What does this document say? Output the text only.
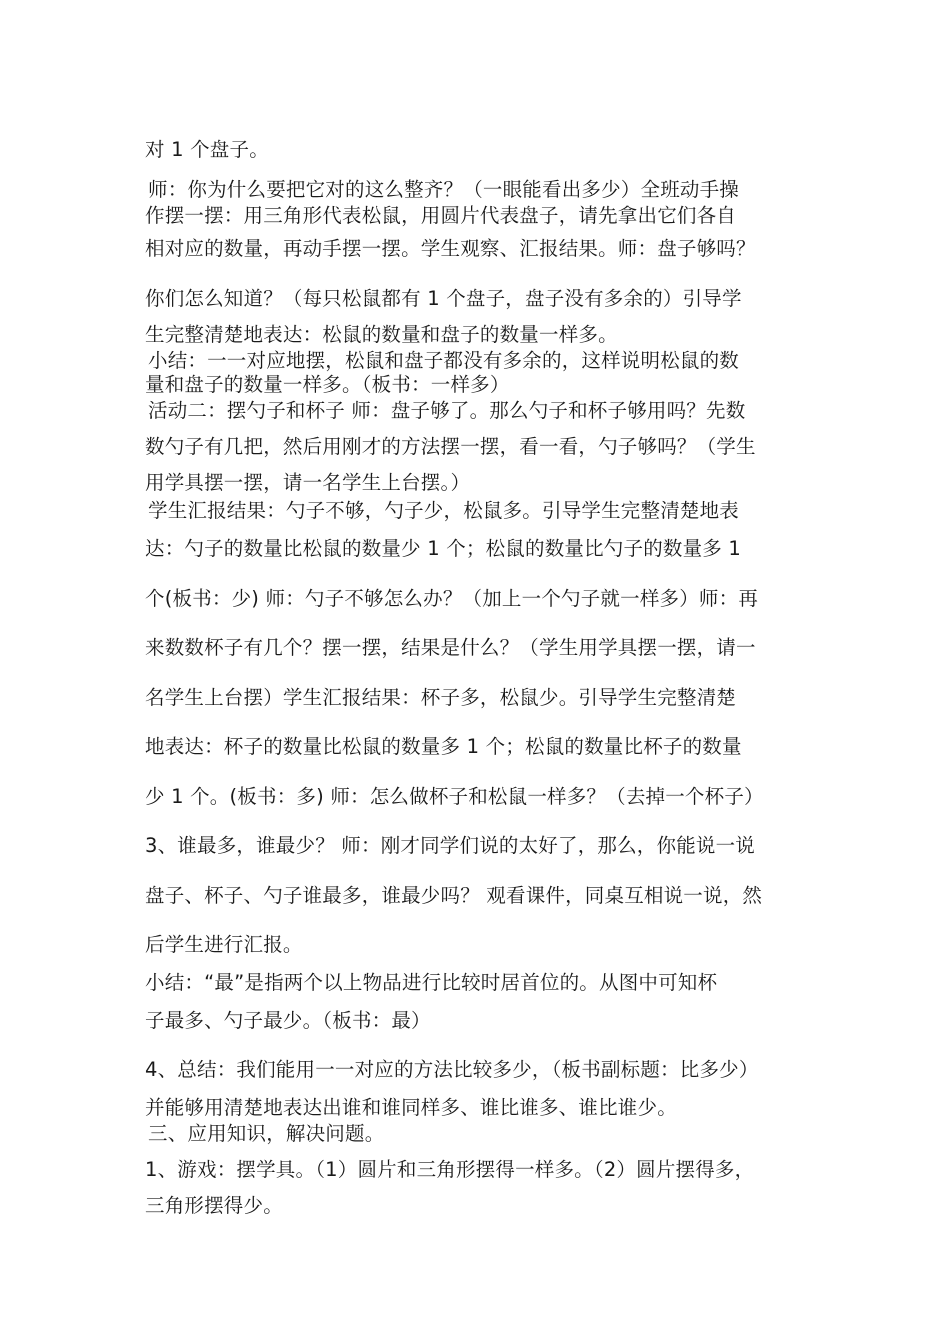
对 1 个盘子。
师：你为什么要把它对的这么整齐？（一眼能看出多少）全班动手操
作摆一摆：用三角形代表松鼠，用圆片代表盘子，请先拿出它们各自
相对应的数量，再动手摆一摆。学生观察、汇报结果。师：盘子够吗？
你们怎么知道？（每只松鼠都有 1 个盘子，盘子没有多余的）引导学
生完整清楚地表达：松鼠的数量和盘子的数量一样多。
小结：一一对应地摆，松鼠和盘子都没有多余的，这样说明松鼠的数
量和盘子的数量一样多。（板书：一样多）
活动二：摆勺子和杯子 师：盘子够了。那么勺子和杯子够用吗？先数
数勺子有几把，然后用刚才的方法摆一摆，看一看，勺子够吗？（学生
用学具摆一摆，请一名学生上台摆。）
学生汇报结果：勺子不够，勺子少，松鼠多。引导学生完整清楚地表
达：勺子的数量比松鼠的数量少 1 个；松鼠的数量比勺子的数量多 1
个(板书：少) 师：勺子不够怎么办？（加上一个勺子就一样多）师：再
来数数杯子有几个？摆一摆，结果是什么？（学生用学具摆一摆，请一
名学生上台摆）学生汇报结果：杯子多，松鼠少。引导学生完整清楚
地表达：杯子的数量比松鼠的数量多 1 个；松鼠的数量比杯子的数量
少 1 个。(板书：多) 师：怎么做杯子和松鼠一样多？（去掉一个杯子）
3、谁最多，谁最少？ 师：刚才同学们说的太好了，那么，你能说一说
盘子、杯子、勺子谁最多，谁最少吗？ 观看课件，同桌互相说一说，然
后学生进行汇报。
小结：“最”是指两个以上物品进行比较时居首位的。从图中可知杯
子最多、勺子最少。（板书：最）
4、总结：我们能用一一对应的方法比较多少，（板书副标题：比多少）
并能够用清楚地表达出谁和谁同样多、谁比谁多、谁比谁少。
三、应用知识，解决问题。
1、游戏：摆学具。（1）圆片和三角形摆得一样多。（2）圆片摆得多，
三角形摆得少。
